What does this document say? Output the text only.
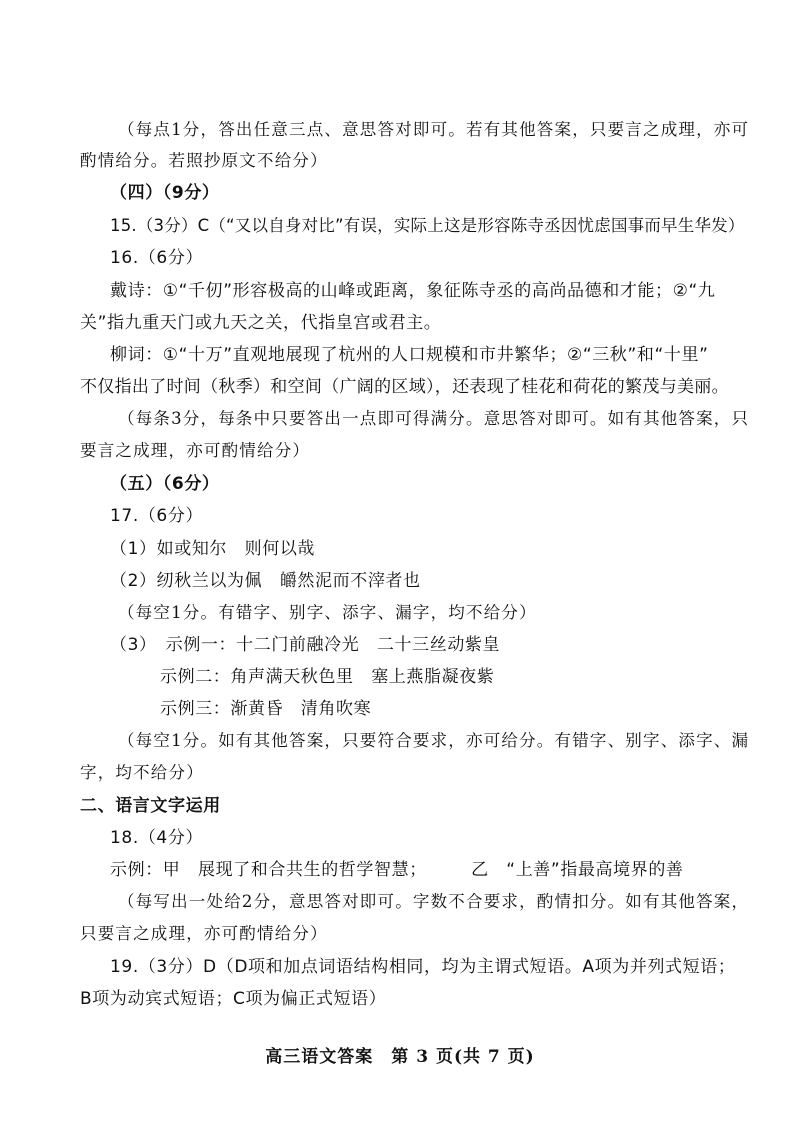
（每点1分，答出任意三点、意思答对即可。若有其他答案，只要言之成理，亦可
酌情给分。若照抄原文不给分）
（四）（9分）
15.（3分）C（“又以自身对比”有误，实际上这是形容陈寺丞因忧虑国事而早生华发）
16.（6分）
戴诗：①“千仞”形容极高的山峰或距离，象征陈寺丞的高尚品德和才能；②“九
关”指九重天门或九天之关，代指皇宫或君主。
柳词：①“十万”直观地展现了杭州的人口规模和市井繁华；②“三秋”和“十里”
不仅指出了时间（秋季）和空间（广阔的区域），还表现了桂花和荷花的繁茂与美丽。
（每条3分，每条中只要答出一点即可得满分。意思答对即可。如有其他答案，只
要言之成理，亦可酌情给分）
（五）（6分）
17.（6分）
（1）如或知尔　则何以哉
（2）纫秋兰以为佩　皭然泥而不滓者也
（每空1分。有错字、别字、添字、漏字，均不给分）
（3）　示例一：十二门前融冷光　二十三丝动紫皇
示例二：角声满天秋色里　塞上燕脂凝夜紫
示例三：渐黄昏　清角吹寒
（每空1分。如有其他答案，只要符合要求，亦可给分。有错字、别字、添字、漏
字，均不给分）
二、语言文字运用
18.（4分）
示例：甲　展现了和合共生的哲学智慧；　　　乙　“上善”指最高境界的善
（每写出一处给2分，意思答对即可。字数不合要求，酌情扣分。如有其他答案，
只要言之成理，亦可酌情给分）
19.（3分）D（D项和加点词语结构相同，均为主谓式短语。A项为并列式短语；
B项为动宾式短语；C项为偏正式短语）
高三语文答案　第 3 页(共 7 页)
